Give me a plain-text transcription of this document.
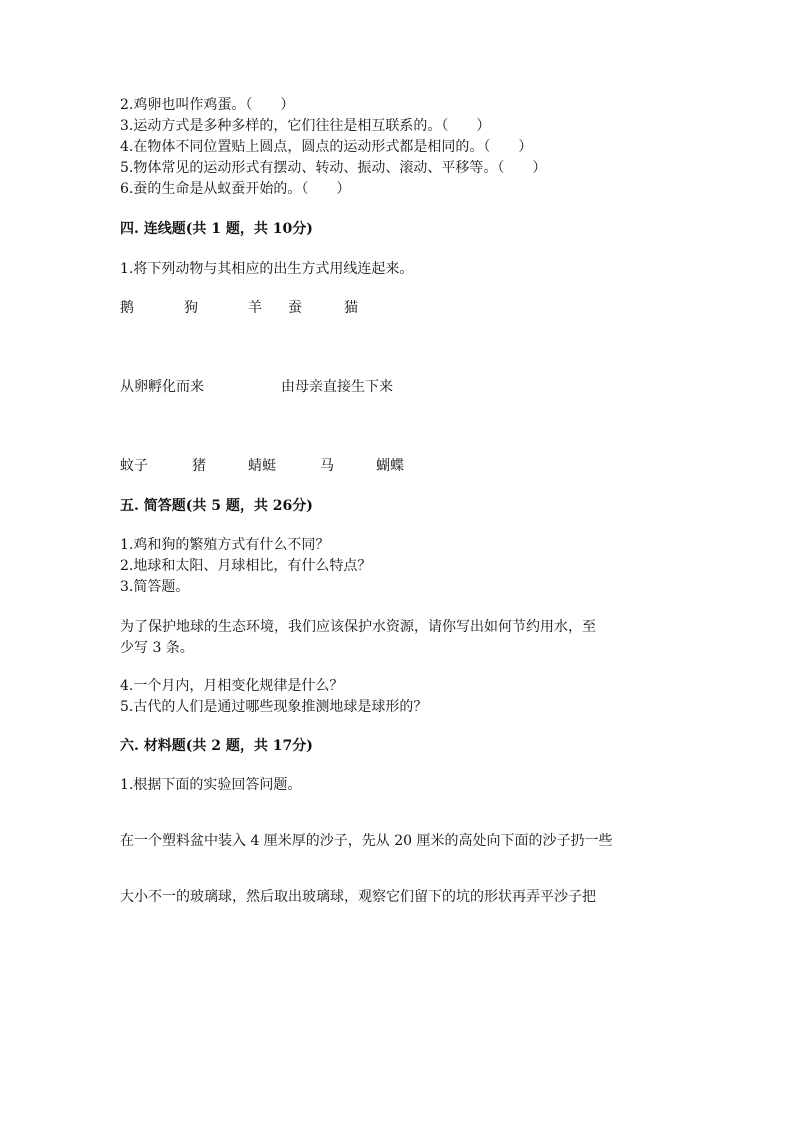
2.鸡卵也叫作鸡蛋。（　　）
3.运动方式是多种多样的，它们往往是相互联系的。（　　）
4.在物体不同位置贴上圆点，圆点的运动形式都是相同的。（　　）
5.物体常见的运动形式有摆动、转动、振动、滚动、平移等。（　　）
6.蚕的生命是从蚁蚕开始的。（　　）
四. 连线题(共 1 题，共 10分)
1.将下列动物与其相应的出生方式用线连起来。
鹅	狗	羊 蚕	猫
从卵孵化而来	由母亲直接生下来
蚊子	猪	蜻蜓	马	蝴蝶
五. 简答题(共 5 题，共 26分)
1.鸡和狗的繁殖方式有什么不同？
2.地球和太阳、月球相比，有什么特点？
3.简答题。
为了保护地球的生态环境，我们应该保护水资源，请你写出如何节约用水，至
少写 3 条。
4.一个月内，月相变化规律是什么？
5.古代的人们是通过哪些现象推测地球是球形的？
六. 材料题(共 2 题，共 17分)
1.根据下面的实验回答问题。
在一个塑料盆中装入 4 厘米厚的沙子，先从 20 厘米的高处向下面的沙子扔一些
大小不一的玻璃球，然后取出玻璃球，观察它们留下的坑的形状再弄平沙子把
